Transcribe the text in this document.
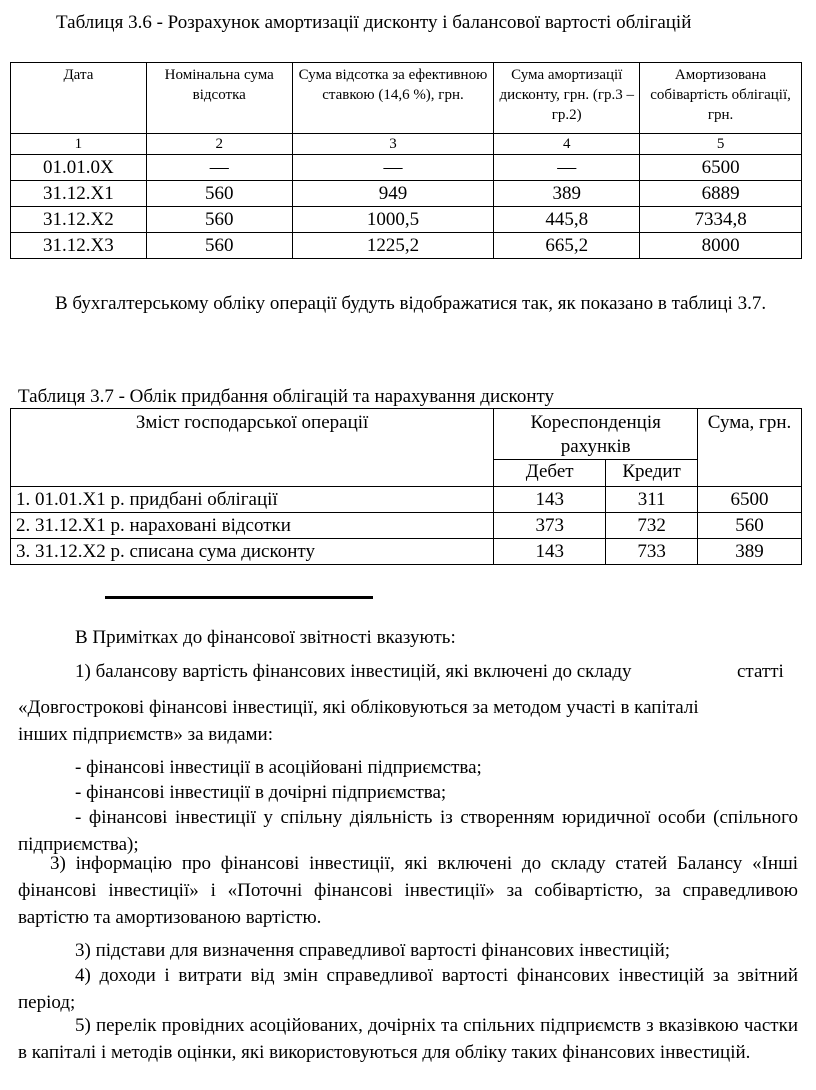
Таблиця 3.6 - Розрахунок амортизації дисконту і балансової вартості облігацій

Дата	Номінальна сума відсотка	Сума відсотка за ефективною ставкою (14,6 %), грн.	Сума амортизації дисконту, грн. (гр.3 – гр.2)	Амортизована собівартість облігації, грн.
1	2	3	4	5
01.01.0Х	—	—	—	6500
31.12.Х1	560	949	389	6889
31.12.Х2	560	1000,5	445,8	7334,8
31.12.Х3	560	1225,2	665,2	8000

В бухгалтерському обліку операції будуть відображатися так, як показано в таблиці 3.7.

Таблиця 3.7 - Облік придбання облігацій та нарахування дисконту

Зміст господарської операції	Кореспонденція рахунків		Сума, грн.
	Дебет	Кредит	
1. 01.01.Х1 р. придбані облігації	143	311	6500
2. 31.12.Х1 р. нараховані відсотки	373	732	560
3. 31.12.Х2 р. списана сума дисконту	143	733	389

В Примітках до фінансової звітності вказують:

1) балансову вартість фінансових інвестицій, які включені до складу	статті

«Довгострокові фінансові інвестиції, які обліковуються за методом участі в капіталі інших підприємств» за видами:

- фінансові інвестиції в асоційовані підприємства;

- фінансові інвестиції в дочірні підприємства;

- фінансові інвестиції у спільну діяльність із створенням юридичної особи (спільного підприємства);

3) інформацію про фінансові інвестиції, які включені до складу статей Балансу «Інші фінансові інвестиції» і «Поточні фінансові інвестиції» за собівартістю, за справедливою вартістю та амортизованою вартістю.

3) підстави для визначення справедливої вартості фінансових інвестицій;

4) доходи і витрати від змін справедливої вартості фінансових інвестицій за звітний період;

5) перелік провідних асоційованих, дочірніх та спільних підприємств з вказівкою частки в капіталі і методів оцінки, які використовуються для обліку таких фінансових інвестицій.
